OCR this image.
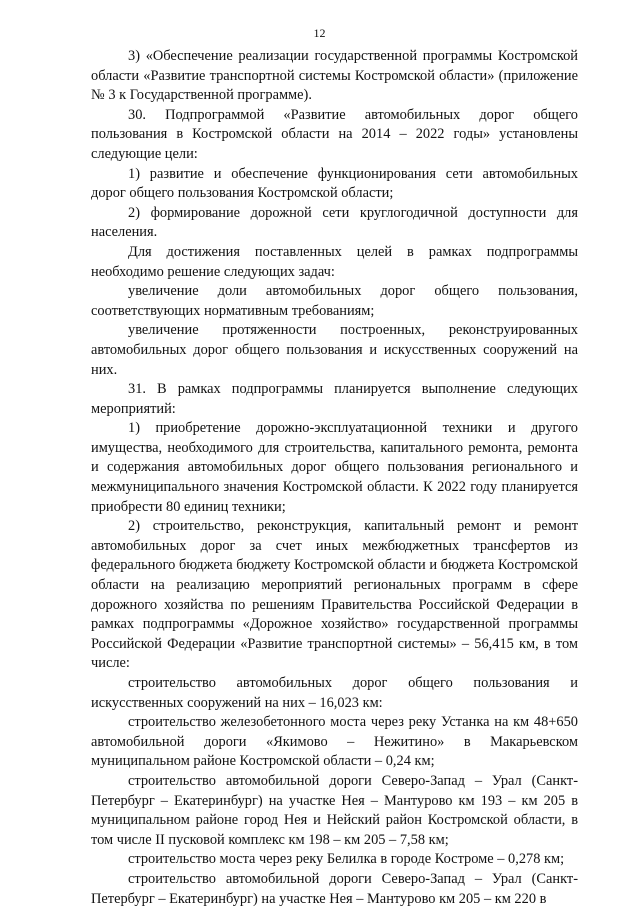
12

3) «Обеспечение реализации государственной программы Костромской области «Развитие транспортной системы Костромской области» (приложение № 3 к Государственной программе).

30. Подпрограммой «Развитие автомобильных дорог общего пользования в Костромской области на 2014 – 2022 годы» установлены следующие цели:

1) развитие и обеспечение функционирования сети автомобильных дорог общего пользования Костромской области;

2) формирование дорожной сети круглогодичной доступности для населения.

Для достижения поставленных целей в рамках подпрограммы необходимо решение следующих задач:

увеличение доли автомобильных дорог общего пользования, соответствующих нормативным требованиям;

увеличение протяженности построенных, реконструированных автомобильных дорог общего пользования и искусственных сооружений на них.

31. В рамках подпрограммы планируется выполнение следующих мероприятий:

1) приобретение дорожно-эксплуатационной техники и другого имущества, необходимого для строительства, капитального ремонта, ремонта и содержания автомобильных дорог общего пользования регионального и межмуниципального значения Костромской области. К 2022 году планируется приобрести 80 единиц техники;

2) строительство, реконструкция, капитальный ремонт и ремонт автомобильных дорог за счет иных межбюджетных трансфертов из федерального бюджета бюджету Костромской области и бюджета Костромской области на реализацию мероприятий региональных программ в сфере дорожного хозяйства по решениям Правительства Российской Федерации в рамках подпрограммы «Дорожное хозяйство» государственной программы Российской Федерации «Развитие транспортной системы» – 56,415 км, в том числе:

строительство автомобильных дорог общего пользования и искусственных сооружений на них – 16,023 км:

строительство железобетонного моста через реку Устанка на км 48+650 автомобильной дороги «Якимово – Нежитино» в Макарьевском муниципальном районе Костромской области – 0,24 км;

строительство автомобильной дороги Северо-Запад – Урал (Санкт-Петербург – Екатеринбург) на участке Нея – Мантурово км 193 – км 205 в муниципальном районе город Нея и Нейский район Костромской области, в том числе II пусковой комплекс км 198 – км 205 – 7,58 км;

строительство моста через реку Белилка в городе Костроме – 0,278 км;

строительство автомобильной дороги Северо-Запад – Урал (Санкт-Петербург – Екатеринбург) на участке Нея – Мантурово км 205 – км 220 в
